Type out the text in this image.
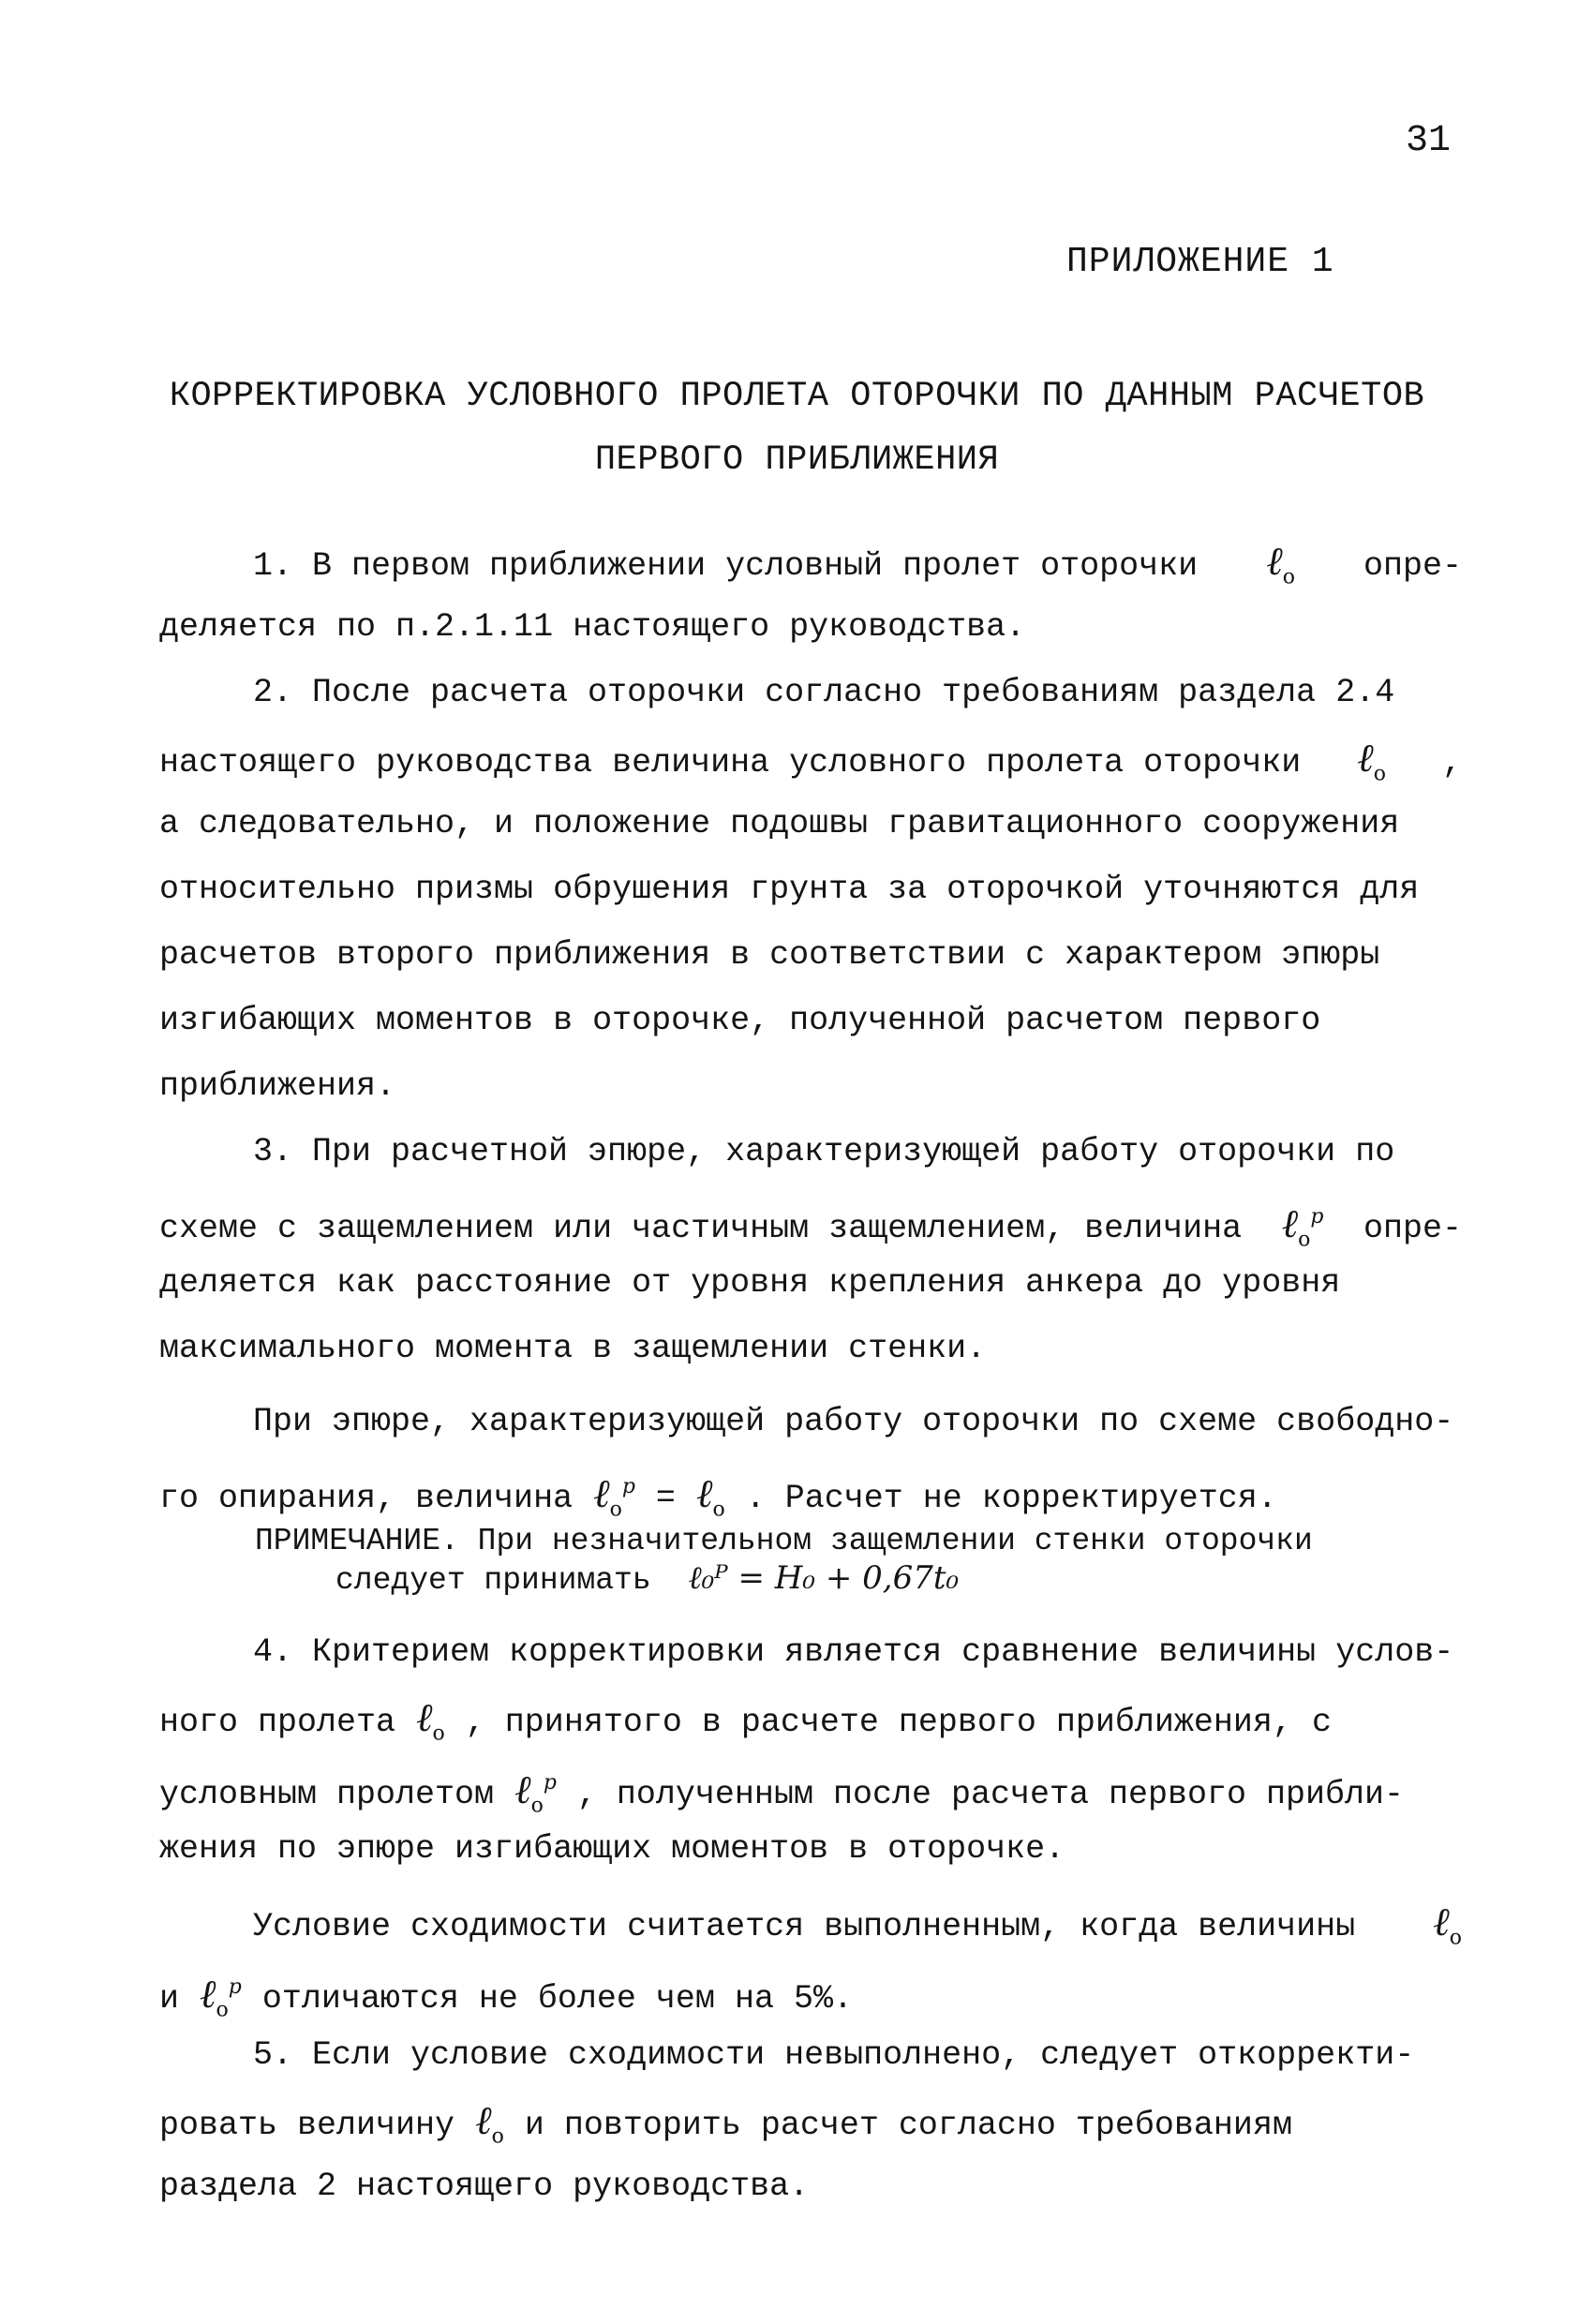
31
ПРИЛОЖЕНИЕ 1
КОРРЕКТИРОВКА УСЛОВНОГО ПРОЛЕТА ОТОРОЧКИ ПО ДАННЫМ РАСЧЕТОВ
ПЕРВОГО ПРИБЛИЖЕНИЯ
1. В первом приближении условный пролет оторочки ℓ$_о$ опре-
деляется по п.2.1.11 настоящего руководства.
2. После расчета оторочки согласно требованиям раздела 2.4
настоящего руководства величина условного пролета оторочки ℓ$_о$ ,
а следовательно, и положение подошвы гравитационного сооружения
относительно призмы обрушения грунта за оторочкой уточняются для
расчетов второго приближения в соответствии с характером эпюры
изгибающих моментов в оторочке, полученной расчетом первого
приближения.
3. При расчетной эпюре, характеризующей работу оторочки по
схеме с защемлением или частичным защемлением, величина ℓ$_о^р$ опре-
деляется как расстояние от уровня крепления анкера до уровня
максимального момента в защемлении стенки.
При эпюре, характеризующей работу оторочки по схеме свободно-
го опирания, величина ℓ$_о^р$ = ℓ$_о$ . Расчет не корректируется.
ПРИМЕЧАНИЕ. При незначительном защемлении стенки оторочки
следует принимать ℓ₀ᴾ = H₀ + 0,67t₀
4. Критерием корректировки является сравнение величины услов-
ного пролета ℓ$_о$ , принятого в расчете первого приближения, с
условным пролетом ℓ$_о^р$ , полученным после расчета первого прибли-
жения по эпюре изгибающих моментов в оторочке.
Условие сходимости считается выполненным, когда величины ℓ$_о$
и ℓ$_о^р$ отличаются не более чем на 5%.
5. Если условие сходимости невыполнено, следует откорректи-
ровать величину ℓ$_о$ и повторить расчет согласно требованиям
раздела 2 настоящего руководства.
